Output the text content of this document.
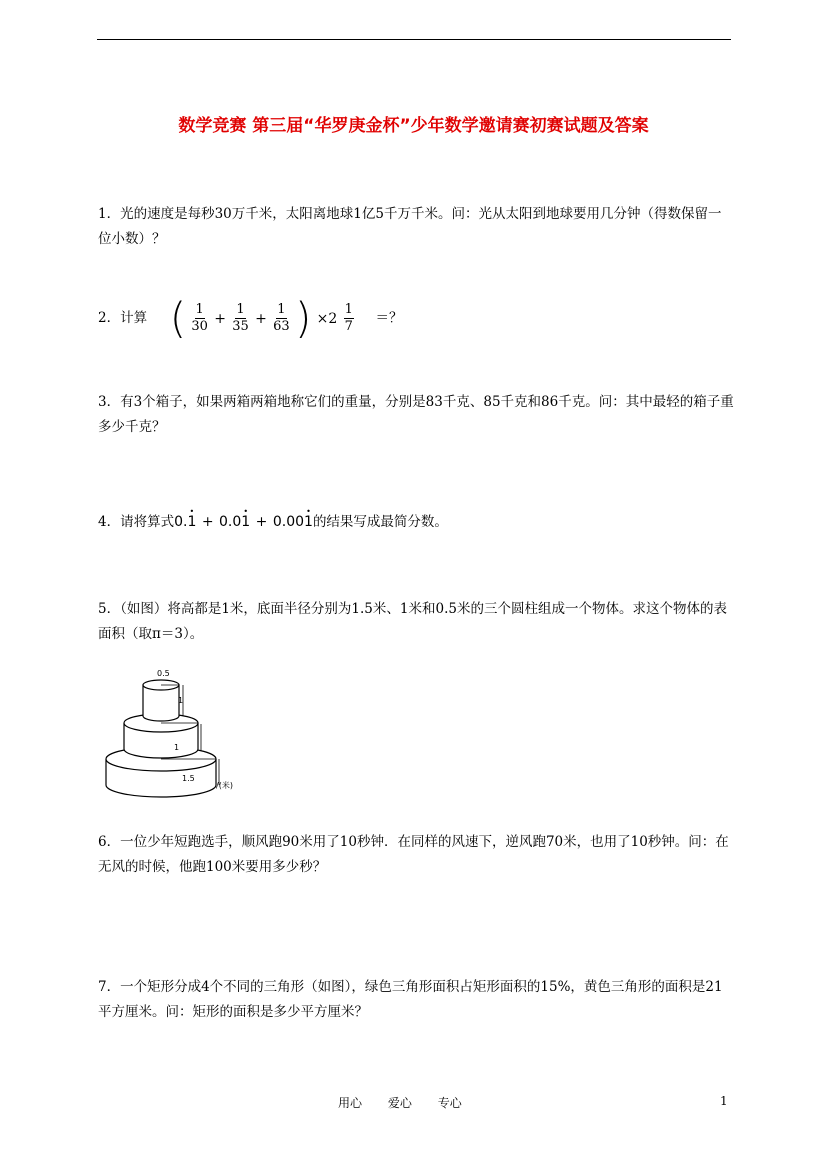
数学竞赛 第三届“华罗庚金杯”少年数学邀请赛初赛试题及答案
1．光的速度是每秒30万千米，太阳离地球1亿5千万千米。问：光从太阳到地球要用几分钟（得数保留一位小数）？
2．计算 ( $\frac{1}{30} + \frac{1}{35} + \frac{1}{63}$ ) $\times 2 \frac{1}{7}$ ＝？
3．有3个箱子，如果两箱两箱地称它们的重量，分别是83千克、85千克和86千克。问：其中最轻的箱子重多少千克？
4．请将算式0.• 1 + 0.0• 1 + 0.00• 1的结果写成最简分数。
5．（如图）将高都是1米，底面半径分别为1.5米、1米和0.5米的三个圆柱组成一个物体。求这个物体的表面积（取π＝3）。
0.5
1
1
1.5
/(米)
6．一位少年短跑选手，顺风跑90米用了10秒钟．在同样的风速下，逆风跑70米，也用了10秒钟。问：在无风的时候，他跑100米要用多少秒？
7．一个矩形分成4个不同的三角形（如图），绿色三角形面积占矩形面积的15%，黄色三角形的面积是21平方厘米。问：矩形的面积是多少平方厘米？
用心 爱心 专心	1
